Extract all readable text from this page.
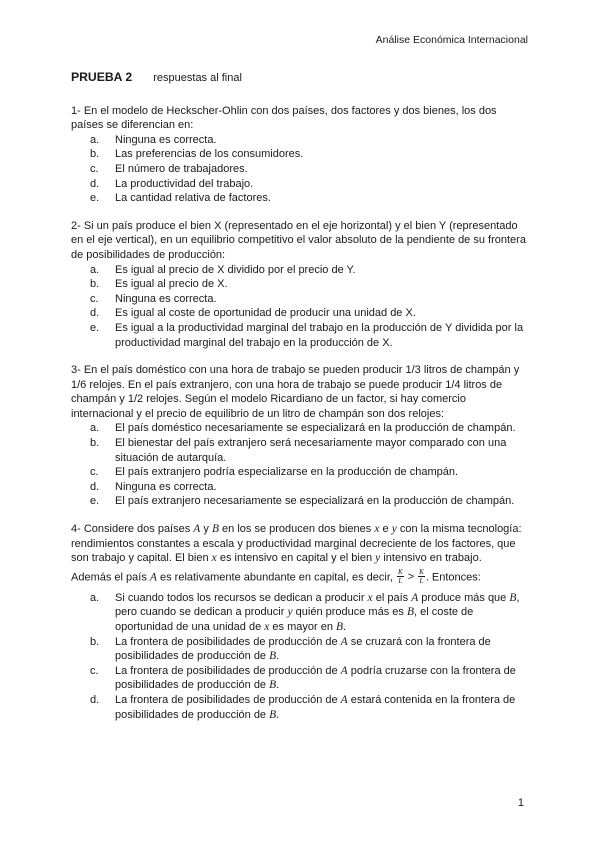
Análise Económica Internacional
PRUEBA 2 respuestas al final
1- En el modelo de Heckscher-Ohlin con dos países, dos factores y dos bienes, los dos países se diferencian en:
a.	Ninguna es correcta.
b.	Las preferencias de los consumidores.
c.	El número de trabajadores.
d.	La productividad del trabajo.
e.	La cantidad relativa de factores.
2- Si un país produce el bien X (representado en el eje horizontal) y el bien Y (representado en el eje vertical), en un equilibrio competitivo el valor absoluto de la pendiente de su frontera de posibilidades de producción:
a.	Es igual al precio de X dividido por el precio de Y.
b.	Es igual al precio de X.
c.	Ninguna es correcta.
d.	Es igual al coste de oportunidad de producir una unidad de X.
e.	Es igual a la productividad marginal del trabajo en la producción de Y dividida por la productividad marginal del trabajo en la producción de X.
3- En el país doméstico con una hora de trabajo se pueden producir 1/3 litros de champán y 1/6 relojes. En el país extranjero, con una hora de trabajo se puede producir 1/4 litros de champán y 1/2 relojes. Según el modelo Ricardiano de un factor, si hay comercio internacional y el precio de equilibrio de un litro de champán son dos relojes:
a.	El país doméstico necesariamente se especializará en la producción de champán.
b.	El bienestar del país extranjero será necesariamente mayor comparado con una situación de autarquía.
c.	El país extranjero podría especializarse en la producción de champán.
d.	Ninguna es correcta.
e.	El país extranjero necesariamente se especializará en la producción de champán.
4- Considere dos países A y B en los se producen dos bienes x e y con la misma tecnología: rendimientos constantes a escala y productividad marginal decreciente de los factores, que son trabajo y capital. El bien x es intensivo en capital y el bien y intensivo en trabajo.
Además el país A es relativamente abundante en capital, es decir, $\frac{K}{L} > \frac{K}{L}$ . Entonces:
a.	Si cuando todos los recursos se dedican a producir x el país A produce más que B, pero cuando se dedican a producir y quién produce más es B, el coste de oportunidad de una unidad de x es mayor en B.
b.	La frontera de posibilidades de producción de A se cruzará con la frontera de posibilidades de producción de B.
c.	La frontera de posibilidades de producción de A podría cruzarse con la frontera de posibilidades de producción de B.
d.	La frontera de posibilidades de producción de A estará contenida en la frontera de posibilidades de producción de B.
1
